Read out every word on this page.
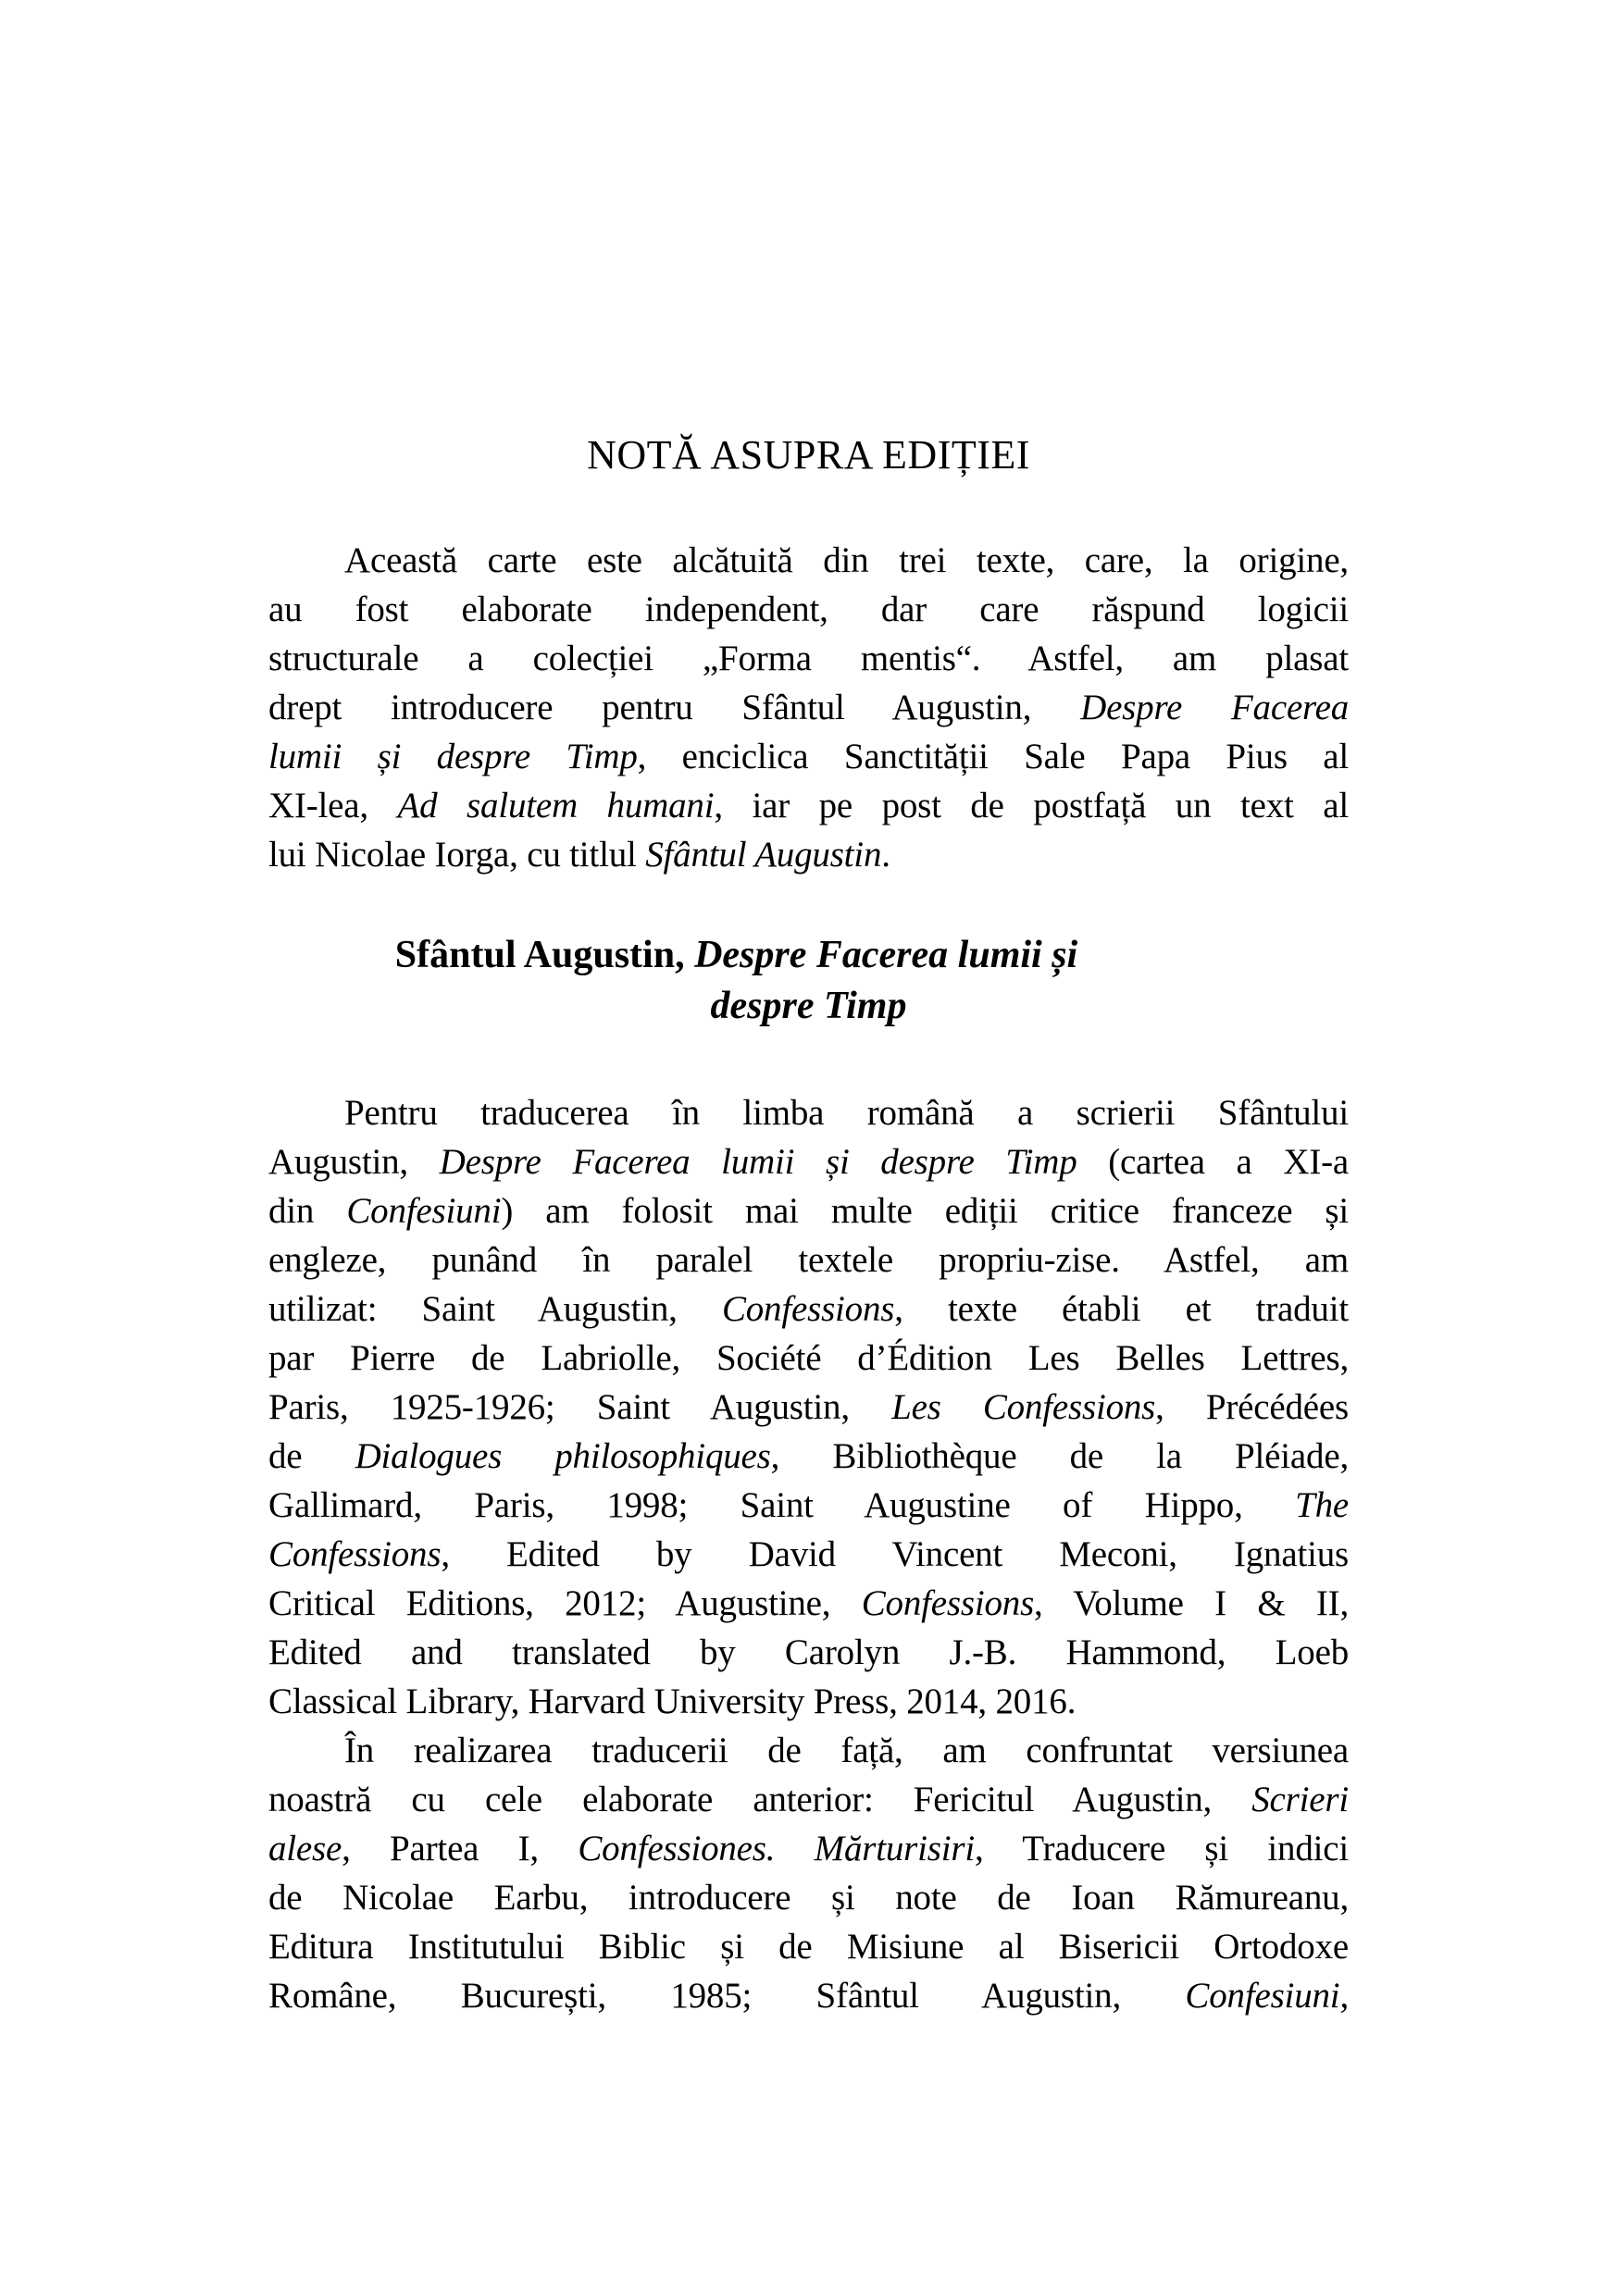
NOTĂ ASUPRA EDIȚIEI
Această carte este alcătuită din trei texte, care, la origine,
au fost elaborate independent, dar care răspund logicii
structurale a colecției „Forma mentis“. Astfel, am plasat
drept introducere pentru Sfântul Augustin, Despre Facerea
lumii și despre Timp, enciclica Sanctității Sale Papa Pius al
XI-lea, Ad salutem humani, iar pe post de postfață un text al
lui Nicolae Iorga, cu titlul Sfântul Augustin.
Sfântul Augustin, Despre Facerea lumii și
despre Timp
Pentru traducerea în limba română a scrierii Sfântului
Augustin, Despre Facerea lumii și despre Timp (cartea a XI-a
din Confesiuni) am folosit mai multe ediții critice franceze și
engleze, punând în paralel textele propriu-zise. Astfel, am
utilizat: Saint Augustin, Confessions, texte établi et traduit
par Pierre de Labriolle, Société d’Édition Les Belles Lettres,
Paris, 1925-1926; Saint Augustin, Les Confessions, Précédées
de Dialogues philosophiques, Bibliothèque de la Pléiade,
Gallimard, Paris, 1998; Saint Augustine of Hippo, The
Confessions, Edited by David Vincent Meconi, Ignatius
Critical Editions, 2012; Augustine, Confessions, Volume I & II,
Edited and translated by Carolyn J.-B. Hammond, Loeb
Classical Library, Harvard University Press, 2014, 2016.
În realizarea traducerii de față, am confruntat versiunea
noastră cu cele elaborate anterior: Fericitul Augustin, Scrieri
alese, Partea I, Confessiones. Mărturisiri, Traducere și indici
de Nicolae Earbu, introducere și note de Ioan Rămureanu,
Editura Institutului Biblic și de Misiune al Bisericii Ortodoxe
Române, București, 1985; Sfântul Augustin, Confesiuni,
